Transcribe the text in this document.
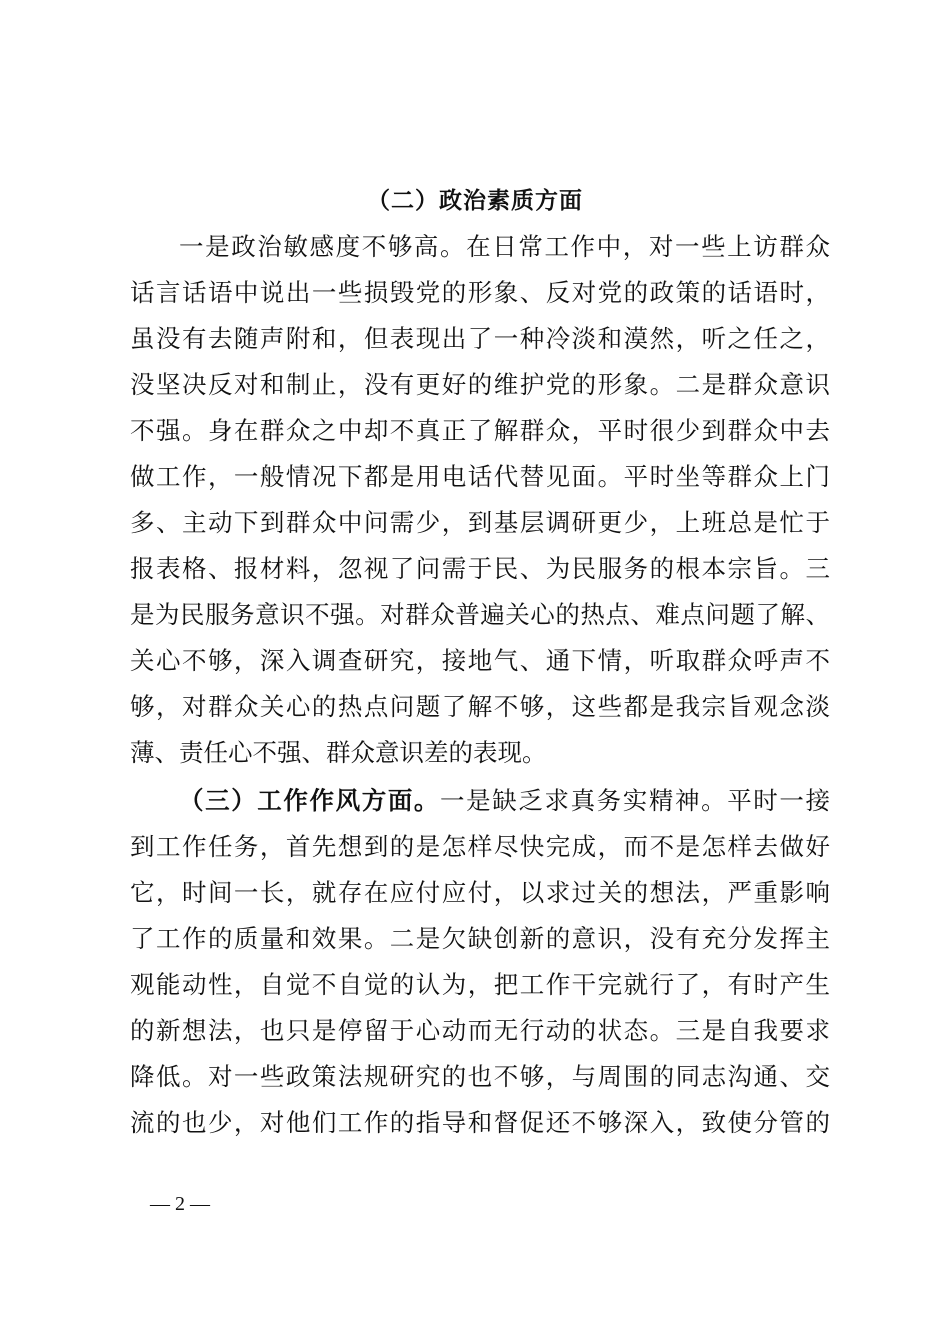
（二）政治素质方面
一是政治敏感度不够高。在日常工作中，对一些上访群众
话言话语中说出一些损毁党的形象、反对党的政策的话语时，
虽没有去随声附和，但表现出了一种冷淡和漠然，听之任之，
没坚决反对和制止，没有更好的维护党的形象。二是群众意识
不强。身在群众之中却不真正了解群众，平时很少到群众中去
做工作，一般情况下都是用电话代替见面。平时坐等群众上门
多、主动下到群众中问需少，到基层调研更少，上班总是忙于
报表格、报材料，忽视了问需于民、为民服务的根本宗旨。三
是为民服务意识不强。对群众普遍关心的热点、难点问题了解、
关心不够，深入调查研究，接地气、通下情，听取群众呼声不
够，对群众关心的热点问题了解不够，这些都是我宗旨观念淡
薄、责任心不强、群众意识差的表现。
（三）工作作风方面。一是缺乏求真务实精神。平时一接
到工作任务，首先想到的是怎样尽快完成，而不是怎样去做好
它，时间一长，就存在应付应付，以求过关的想法，严重影响
了工作的质量和效果。二是欠缺创新的意识，没有充分发挥主
观能动性，自觉不自觉的认为，把工作干完就行了，有时产生
的新想法，也只是停留于心动而无行动的状态。三是自我要求
降低。对一些政策法规研究的也不够，与周围的同志沟通、交
流的也少，对他们工作的指导和督促还不够深入，致使分管的
— 2 —
